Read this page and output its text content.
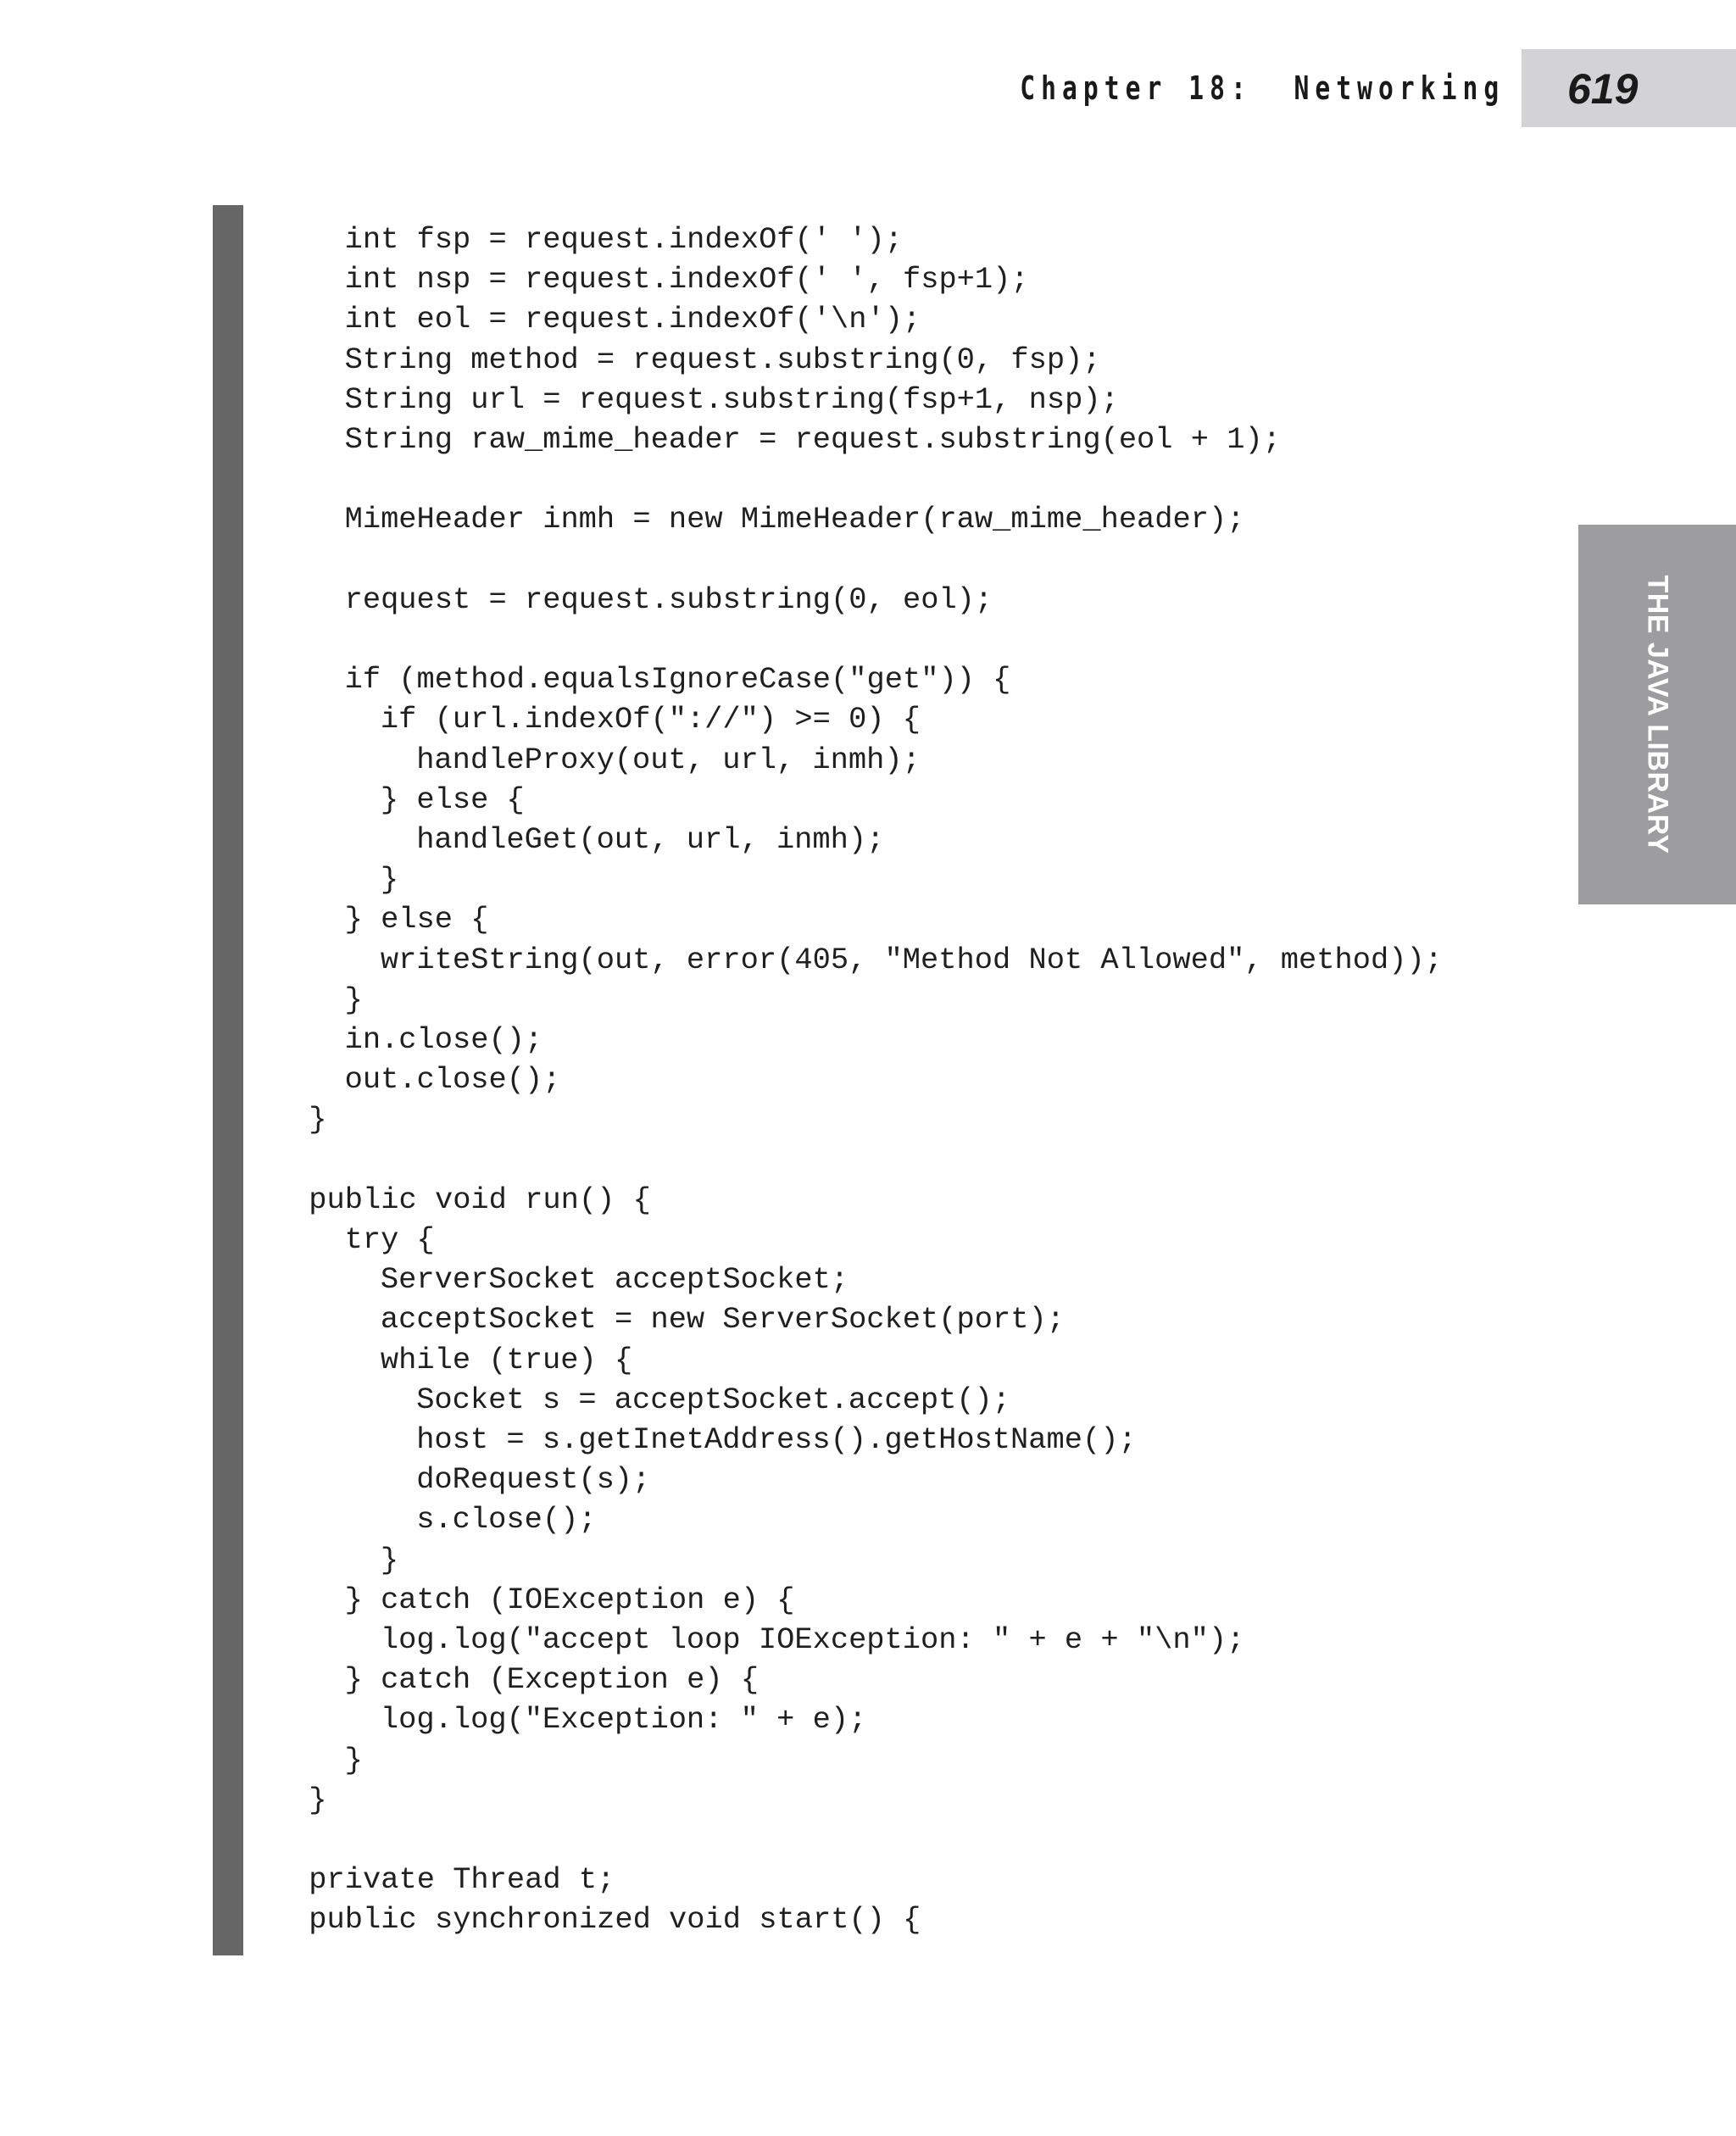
Chapter 18:  Networking 619
THE JAVA LIBRARY
int fsp = request.indexOf(' ');
int nsp = request.indexOf(' ', fsp+1);
int eol = request.indexOf('\n');
String method = request.substring(0, fsp);
String url = request.substring(fsp+1, nsp);
String raw_mime_header = request.substring(eol + 1);
MimeHeader inmh = new MimeHeader(raw_mime_header);
request = request.substring(0, eol);
if (method.equalsIgnoreCase("get")) {
if (url.indexOf("://") >= 0) {
handleProxy(out, url, inmh);
} else {
handleGet(out, url, inmh);
}
} else {
writeString(out, error(405, "Method Not Allowed", method));
}
in.close();
out.close();
}
public void run() {
try {
ServerSocket acceptSocket;
acceptSocket = new ServerSocket(port);
while (true) {
Socket s = acceptSocket.accept();
host = s.getInetAddress().getHostName();
doRequest(s);
s.close();
}
} catch (IOException e) {
log.log("accept loop IOException: " + e + "\n");
} catch (Exception e) {
log.log("Exception: " + e);
}
}
private Thread t;
public synchronized void start() {
